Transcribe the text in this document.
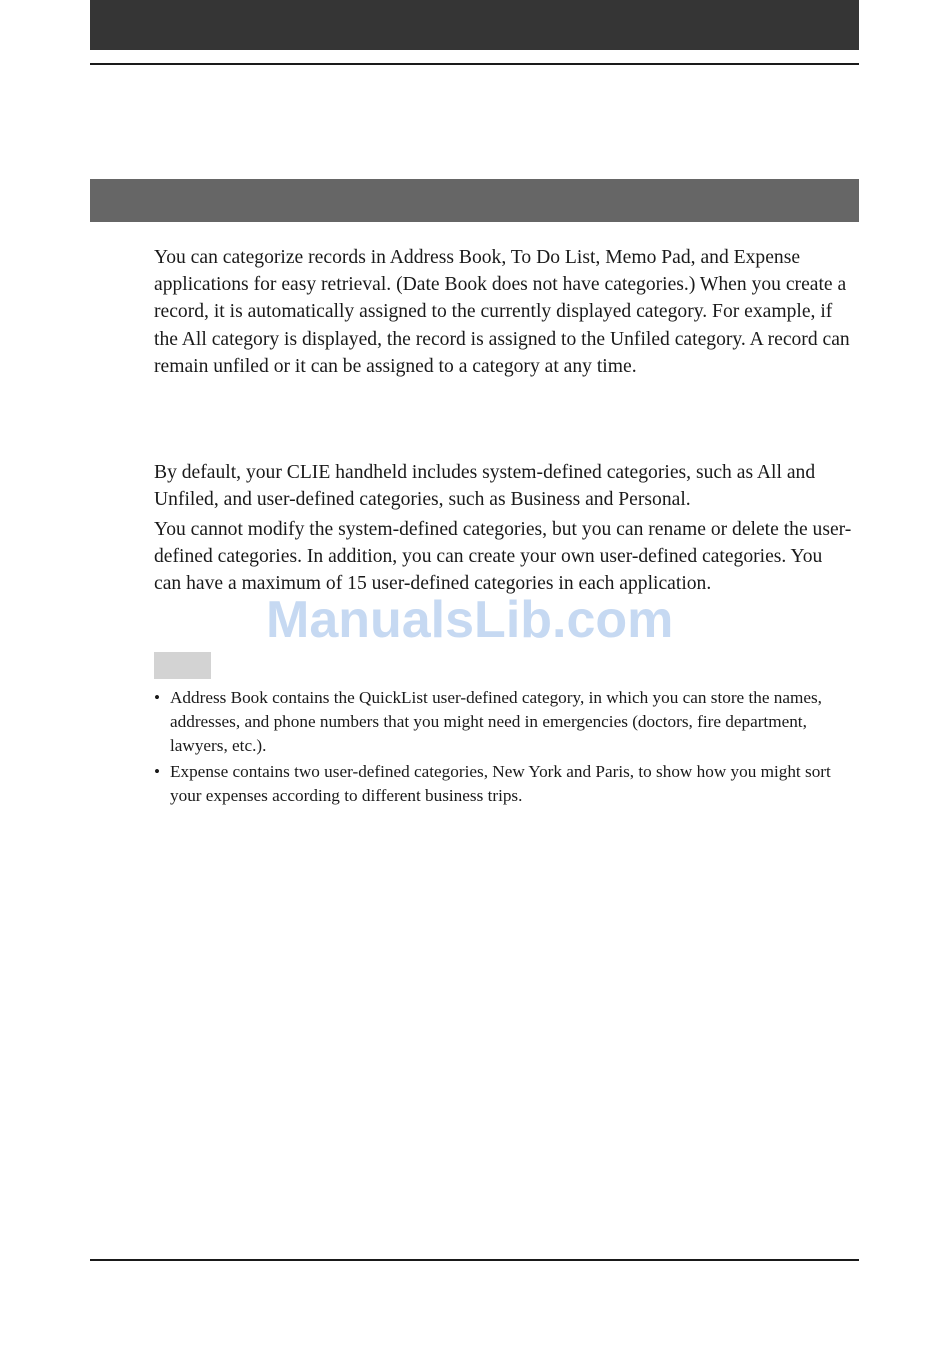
You can categorize records in Address Book, To Do List, Memo Pad, and Expense applications for easy retrieval. (Date Book does not have categories.) When you create a record, it is automatically assigned to the currently displayed category. For example, if the All category is displayed, the record is assigned to the Unfiled category. A record can remain unfiled or it can be assigned to a category at any time.

By default, your CLIE handheld includes system-defined categories, such as All and Unfiled, and user-defined categories, such as Business and Personal.

You cannot modify the system-defined categories, but you can rename or delete the user-defined categories. In addition, you can create your own user-defined categories. You can have a maximum of 15 user-defined categories in each application.

• Address Book contains the QuickList user-defined category, in which you can store the names, addresses, and phone numbers that you might need in emergencies (doctors, fire department, lawyers, etc.).
• Expense contains two user-defined categories, New York and Paris, to show how you might sort your expenses according to different business trips.
ManualsLib.com
